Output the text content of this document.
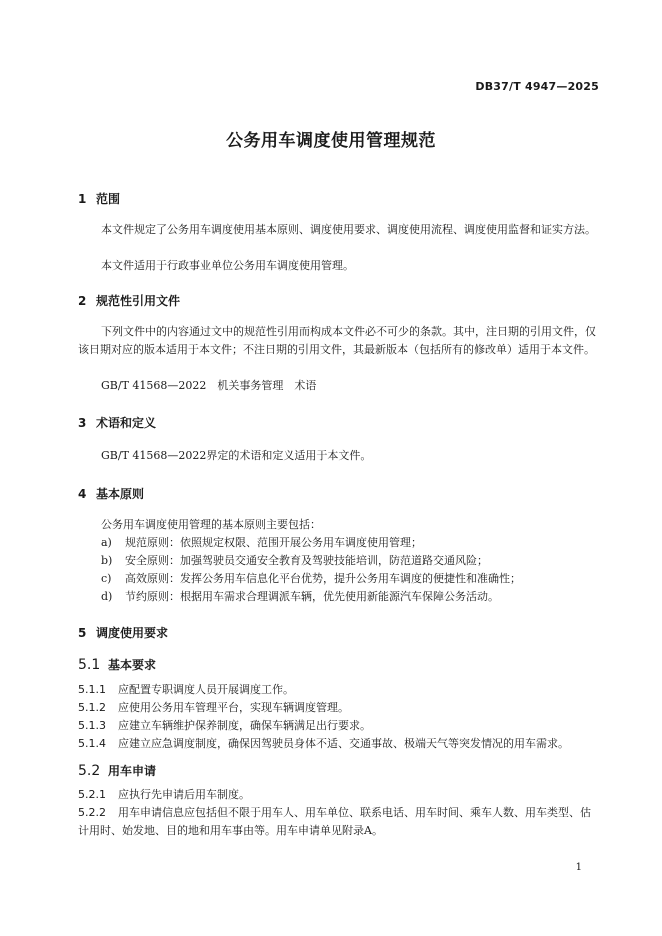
DB37/T 4947—2025
公务用车调度使用管理规范
1 范围
本文件规定了公务用车调度使用基本原则、调度使用要求、调度使用流程、调度使用监督和证实方法。
本文件适用于行政事业单位公务用车调度使用管理。
2 规范性引用文件
下列文件中的内容通过文中的规范性引用而构成本文件必不可少的条款。其中，注日期的引用文件，仅该日期对应的版本适用于本文件；不注日期的引用文件，其最新版本（包括所有的修改单）适用于本文件。
GB/T 41568—2022　机关事务管理　术语
3 术语和定义
GB/T 41568—2022界定的术语和定义适用于本文件。
4 基本原则
公务用车调度使用管理的基本原则主要包括：
a) 规范原则：依照规定权限、范围开展公务用车调度使用管理；
b) 安全原则：加强驾驶员交通安全教育及驾驶技能培训，防范道路交通风险；
c) 高效原则：发挥公务用车信息化平台优势，提升公务用车调度的便捷性和准确性；
d) 节约原则：根据用车需求合理调派车辆，优先使用新能源汽车保障公务活动。
5 调度使用要求
5.1 基本要求
5.1.1 应配置专职调度人员开展调度工作。
5.1.2 应使用公务用车管理平台，实现车辆调度管理。
5.1.3 应建立车辆维护保养制度，确保车辆满足出行要求。
5.1.4 应建立应急调度制度，确保因驾驶员身体不适、交通事故、极端天气等突发情况的用车需求。
5.2 用车申请
5.2.1 应执行先申请后用车制度。
5.2.2 用车申请信息应包括但不限于用车人、用车单位、联系电话、用车时间、乘车人数、用车类型、估计用时、始发地、目的地和用车事由等。用车申请单见附录A。
1
